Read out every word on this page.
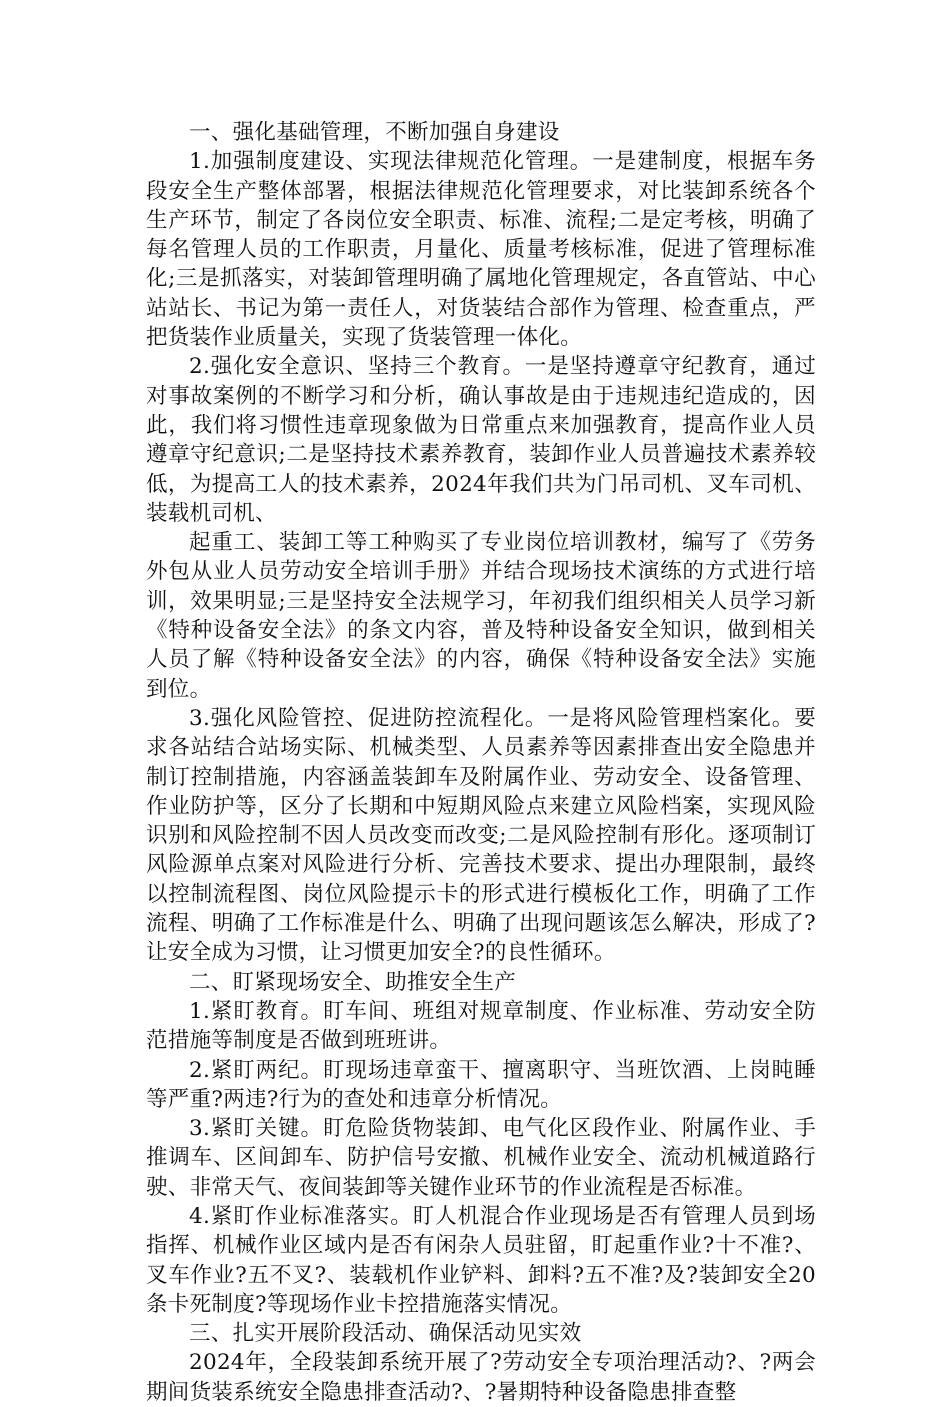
一、强化基础管理，不断加强自身建设

1.加强制度建设、实现法律规范化管理。一是建制度，根据车务段安全生产整体部署，根据法律规范化管理要求，对比装卸系统各个生产环节，制定了各岗位安全职责、标准、流程;二是定考核，明确了每名管理人员的工作职责，月量化、质量考核标准，促进了管理标准化;三是抓落实，对装卸管理明确了属地化管理规定，各直管站、中心站站长、书记为第一责任人，对货装结合部作为管理、检查重点，严把货装作业质量关，实现了货装管理一体化。

2.强化安全意识、坚持三个教育。一是坚持遵章守纪教育，通过对事故案例的不断学习和分析，确认事故是由于违规违纪造成的，因此，我们将习惯性违章现象做为日常重点来加强教育，提高作业人员遵章守纪意识;二是坚持技术素养教育，装卸作业人员普遍技术素养较低，为提高工人的技术素养，2024年我们共为门吊司机、叉车司机、装载机司机、

起重工、装卸工等工种购买了专业岗位培训教材，编写了《劳务外包从业人员劳动安全培训手册》并结合现场技术演练的方式进行培训，效果明显;三是坚持安全法规学习，年初我们组织相关人员学习新《特种设备安全法》的条文内容，普及特种设备安全知识，做到相关人员了解《特种设备安全法》的内容，确保《特种设备安全法》实施到位。

3.强化风险管控、促进防控流程化。一是将风险管理档案化。要求各站结合站场实际、机械类型、人员素养等因素排查出安全隐患并制订控制措施，内容涵盖装卸车及附属作业、劳动安全、设备管理、作业防护等，区分了长期和中短期风险点来建立风险档案，实现风险识别和风险控制不因人员改变而改变;二是风险控制有形化。逐项制订风险源单点案对风险进行分析、完善技术要求、提出办理限制，最终以控制流程图、岗位风险提示卡的形式进行模板化工作，明确了工作流程、明确了工作标准是什么、明确了出现问题该怎么解决，形成了?让安全成为习惯，让习惯更加安全?的良性循环。

二、盯紧现场安全、助推安全生产

1.紧盯教育。盯车间、班组对规章制度、作业标准、劳动安全防范措施等制度是否做到班班讲。

2.紧盯两纪。盯现场违章蛮干、擅离职守、当班饮酒、上岗盹睡等严重?两违?行为的查处和违章分析情况。

3.紧盯关键。盯危险货物装卸、电气化区段作业、附属作业、手推调车、区间卸车、防护信号安撤、机械作业安全、流动机械道路行驶、非常天气、夜间装卸等关键作业环节的作业流程是否标准。

4.紧盯作业标准落实。盯人机混合作业现场是否有管理人员到场指挥、机械作业区域内是否有闲杂人员驻留，盯起重作业?十不准?、叉车作业?五不叉?、装载机作业铲料、卸料?五不准?及?装卸安全20条卡死制度?等现场作业卡控措施落实情况。

三、扎实开展阶段活动、确保活动见实效

2024年，全段装卸系统开展了?劳动安全专项治理活动?、?两会期间货装系统安全隐患排查活动?、?暑期特种设备隐患排查整
